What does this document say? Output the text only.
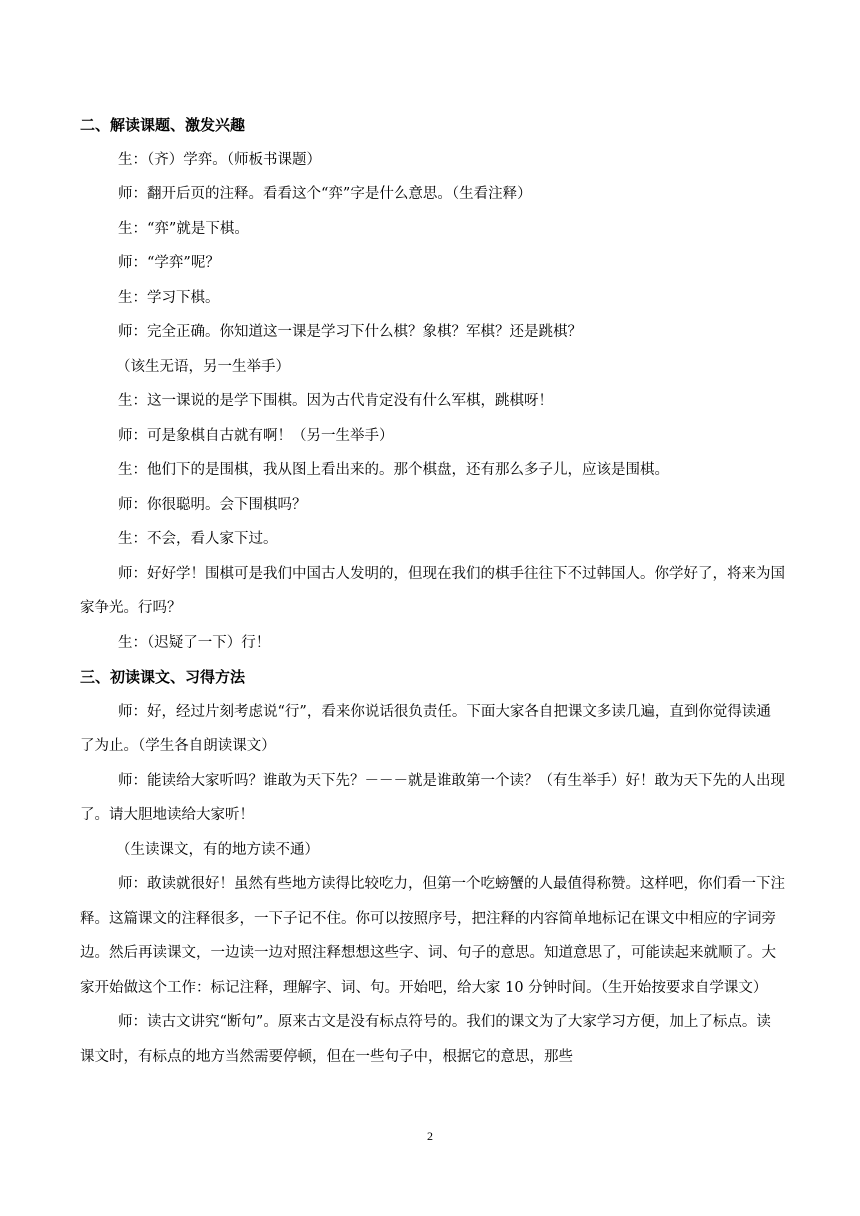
二、解读课题、激发兴趣
生：（齐）学弈。（师板书课题）
师：翻开后页的注释。看看这个“弈”字是什么意思。（生看注释）
生：“弈”就是下棋。
师：“学弈”呢？
生：学习下棋。
师：完全正确。你知道这一课是学习下什么棋？象棋？军棋？还是跳棋？
（该生无语，另一生举手）
生：这一课说的是学下围棋。因为古代肯定没有什么军棋，跳棋呀！
师：可是象棋自古就有啊！（另一生举手）
生：他们下的是围棋，我从图上看出来的。那个棋盘，还有那么多子儿，应该是围棋。
师：你很聪明。会下围棋吗？
生：不会，看人家下过。
师：好好学！围棋可是我们中国古人发明的，但现在我们的棋手往往下不过韩国人。你学好了，将来为国家争光。行吗？
生：（迟疑了一下）行！
三、初读课文、习得方法
师：好，经过片刻考虑说“行”，看来你说话很负责任。下面大家各自把课文多读几遍，直到你觉得读通了为止。（学生各自朗读课文）
师：能读给大家听吗？谁敢为天下先？－－－就是谁敢第一个读？（有生举手）好！敢为天下先的人出现了。请大胆地读给大家听！
（生读课文，有的地方读不通）
师：敢读就很好！虽然有些地方读得比较吃力，但第一个吃螃蟹的人最值得称赞。这样吧，你们看一下注释。这篇课文的注释很多，一下子记不住。你可以按照序号，把注释的内容简单地标记在课文中相应的字词旁边。然后再读课文，一边读一边对照注释想想这些字、词、句子的意思。知道意思了，可能读起来就顺了。大家开始做这个工作：标记注释，理解字、词、句。开始吧，给大家 10 分钟时间。（生开始按要求自学课文）
师：读古文讲究“断句”。原来古文是没有标点符号的。我们的课文为了大家学习方便，加上了标点。读课文时，有标点的地方当然需要停顿，但在一些句子中，根据它的意思，那些
2
